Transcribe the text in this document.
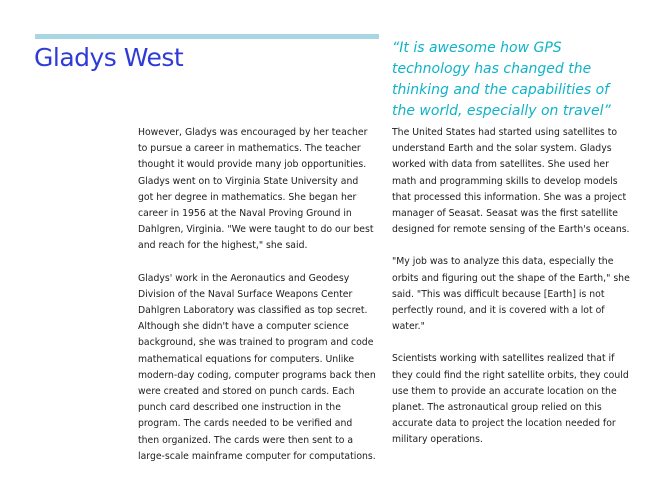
Gladys West	“It is awesome how GPS technology has changed the thinking and the capabilities of the world, especially on travel”

However, Gladys was encouraged by her teacher to pursue a career in mathematics. The teacher thought it would provide many job opportunities. Gladys went on to Virginia State University and got her degree in mathematics. She began her career in 1956 at the Naval Proving Ground in Dahlgren, Virginia. "We were taught to do our best and reach for the highest," she said.

Gladys' work in the Aeronautics and Geodesy Division of the Naval Surface Weapons Center Dahlgren Laboratory was classified as top secret. Although she didn't have a computer science background, she was trained to program and code mathematical equations for computers. Unlike modern-day coding, computer programs back then were created and stored on punch cards. Each punch card described one instruction in the program. The cards needed to be verified and then organized. The cards were then sent to a large-scale mainframe computer for computations.

The United States had started using satellites to understand Earth and the solar system. Gladys worked with data from satellites. She used her math and programming skills to develop models that processed this information. She was a project manager of Seasat. Seasat was the first satellite designed for remote sensing of the Earth's oceans.

"My job was to analyze this data, especially the orbits and figuring out the shape of the Earth," she said. "This was difficult because [Earth] is not perfectly round, and it is covered with a lot of water."

Scientists working with satellites realized that if they could find the right satellite orbits, they could use them to provide an accurate location on the planet. The astronautical group relied on this accurate data to project the location needed for military operations.
